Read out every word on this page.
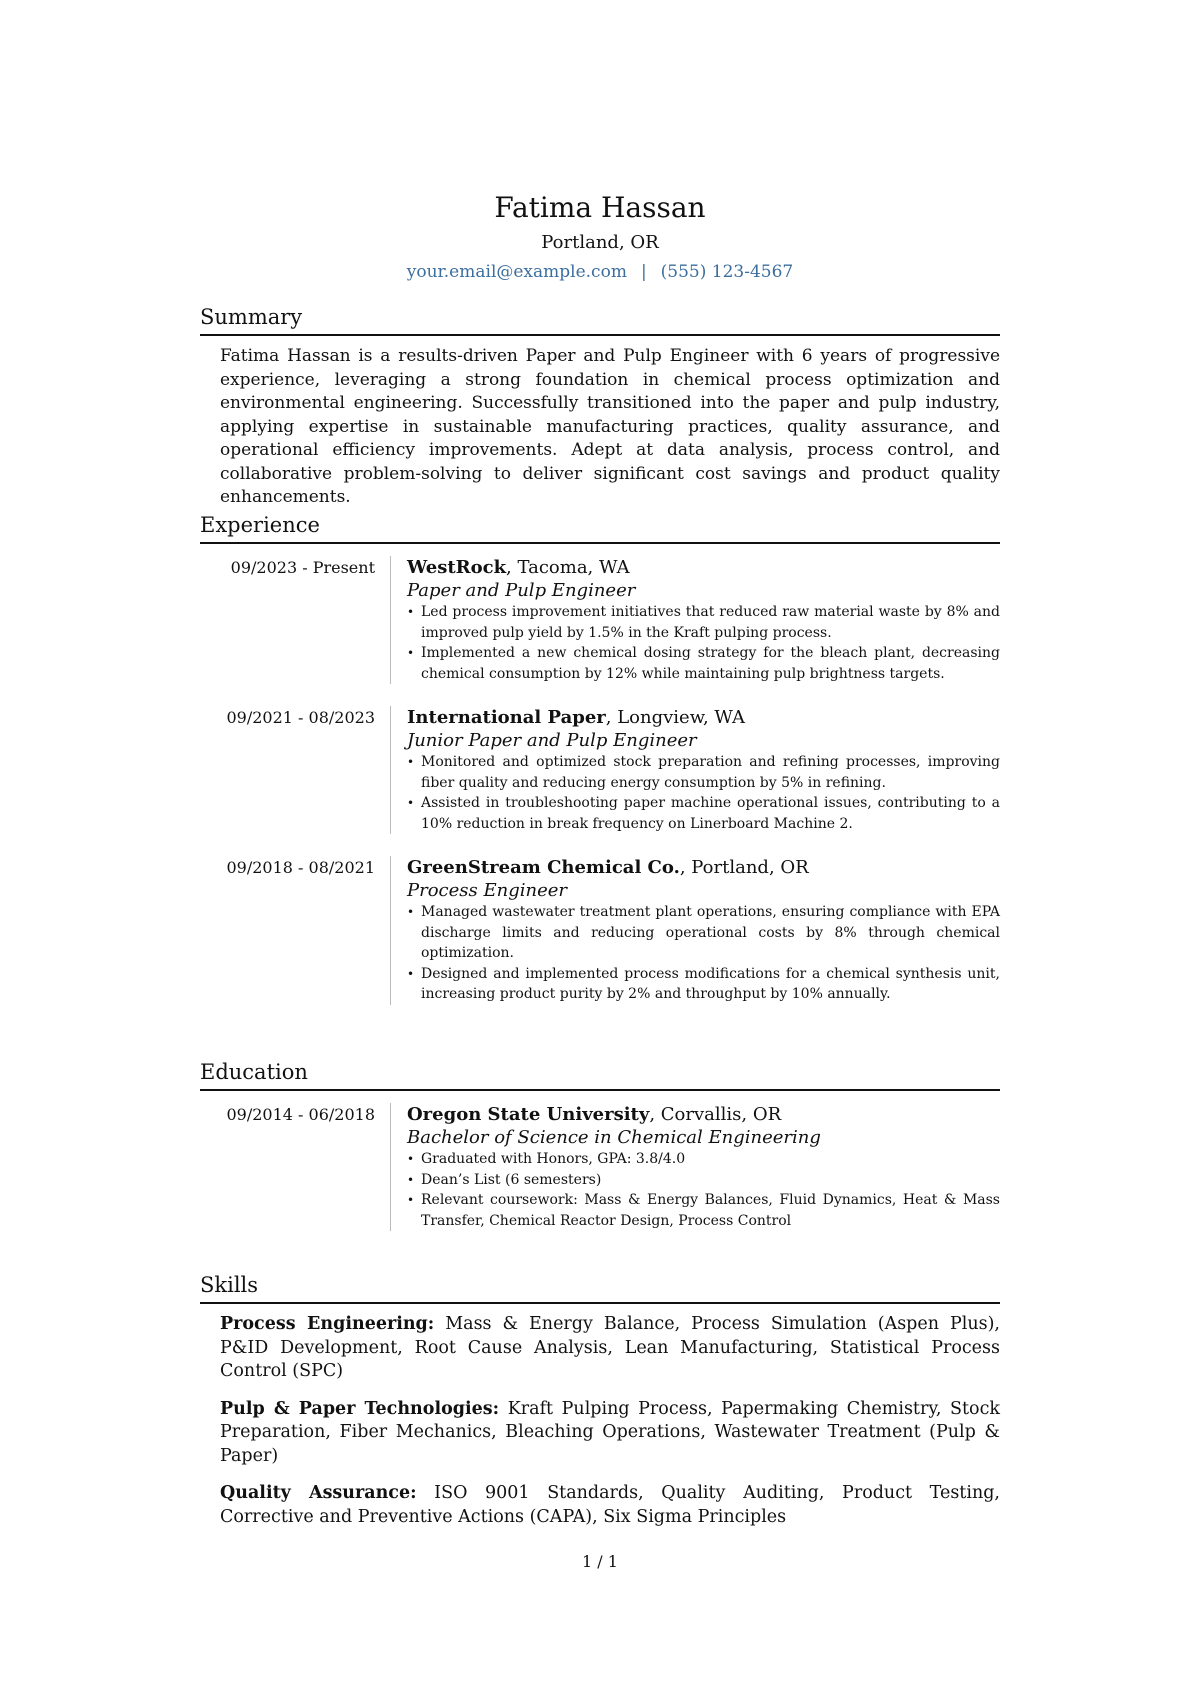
Fatima Hassan
Portland, OR
your.email@example.com | (555) 123-4567
Summary
Fatima Hassan is a results-driven Paper and Pulp Engineer with 6 years of progressive experience, leveraging a strong foundation in chemical process optimization and environmental engineering. Successfully transitioned into the paper and pulp industry, applying expertise in sustainable manufacturing practices, quality assurance, and operational efficiency improvements. Adept at data analysis, process control, and collaborative problem-solving to deliver significant cost savings and product quality enhancements.
Experience
09/2023 - Present WestRock, Tacoma, WA
Paper and Pulp Engineer
• Led process improvement initiatives that reduced raw material waste by 8% and improved pulp yield by 1.5% in the Kraft pulping process.
• Implemented a new chemical dosing strategy for the bleach plant, decreasing chemical consumption by 12% while maintaining pulp brightness targets.
09/2021 - 08/2023 International Paper, Longview, WA
Junior Paper and Pulp Engineer
• Monitored and optimized stock preparation and refining processes, improving fiber quality and reducing energy consumption by 5% in refining.
• Assisted in troubleshooting paper machine operational issues, contributing to a 10% reduction in break frequency on Linerboard Machine 2.
09/2018 - 08/2021 GreenStream Chemical Co., Portland, OR
Process Engineer
• Managed wastewater treatment plant operations, ensuring compliance with EPA discharge limits and reducing operational costs by 8% through chemical optimization.
• Designed and implemented process modifications for a chemical synthesis unit, increasing product purity by 2% and throughput by 10% annually.
Education
09/2014 - 06/2018 Oregon State University, Corvallis, OR
Bachelor of Science in Chemical Engineering
• Graduated with Honors, GPA: 3.8/4.0
• Dean’s List (6 semesters)
• Relevant coursework: Mass & Energy Balances, Fluid Dynamics, Heat & Mass Transfer, Chemical Reactor Design, Process Control
Skills
Process Engineering: Mass & Energy Balance, Process Simulation (Aspen Plus), P&ID Development, Root Cause Analysis, Lean Manufacturing, Statistical Process Control (SPC)
Pulp & Paper Technologies: Kraft Pulping Process, Papermaking Chemistry, Stock Preparation, Fiber Mechanics, Bleaching Operations, Wastewater Treatment (Pulp & Paper)
Quality Assurance: ISO 9001 Standards, Quality Auditing, Product Testing, Corrective and Preventive Actions (CAPA), Six Sigma Principles
1 / 1
